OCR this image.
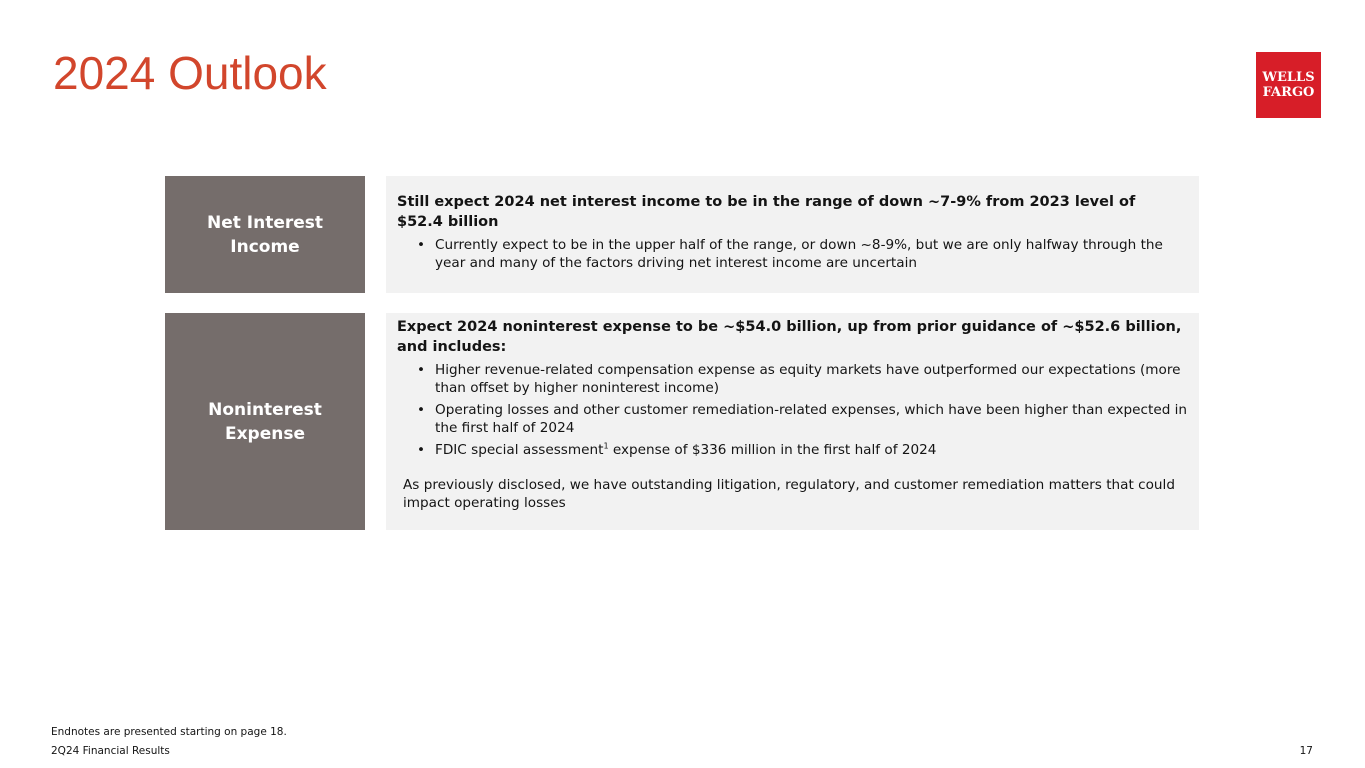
2024 Outlook	WELLS
FARGO
Net Interest
Income

Still expect 2024 net interest income to be in the range of down ~7-9% from 2023 level of
$52.4 billion

• Currently expect to be in the upper half of the range, or down ~8-9%, but we are only halfway through the year and many of the factors driving net interest income are uncertain
Noninterest
Expense

Expect 2024 noninterest expense to be ~$54.0 billion, up from prior guidance of ~$52.6 billion, and includes:

• Higher revenue-related compensation expense as equity markets have outperformed our expectations (more than offset by higher noninterest income)
• Operating losses and other customer remediation-related expenses, which have been higher than expected in the first half of 2024
• FDIC special assessment$^1$ expense of $336 million in the first half of 2024

As previously disclosed, we have outstanding litigation, regulatory, and customer remediation matters that could impact operating losses

Endnotes are presented starting on page 18.

2Q24 Financial Results	17
